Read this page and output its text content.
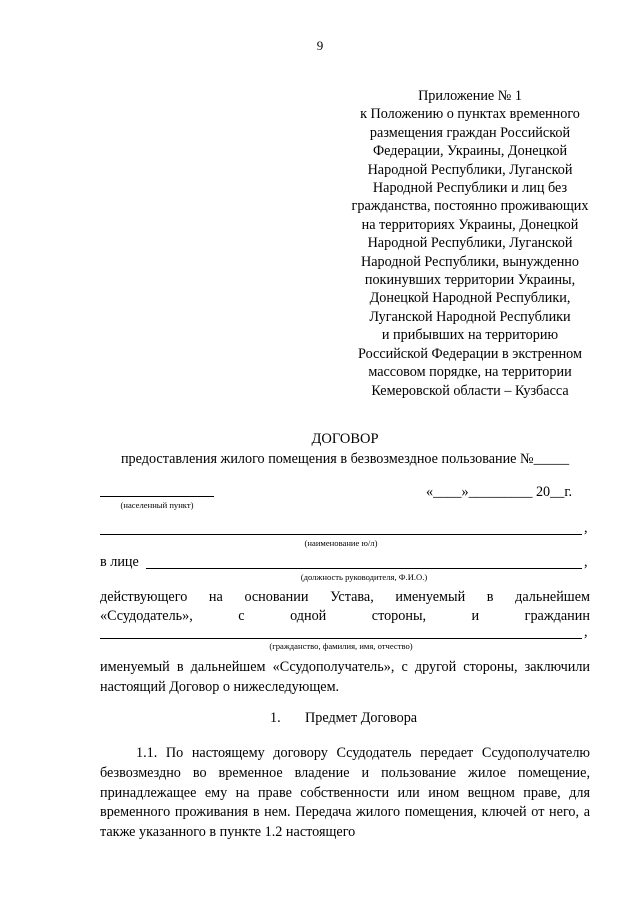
9
Приложение № 1
к Положению о пунктах временного
размещения граждан Российской
Федерации, Украины, Донецкой
Народной Республики, Луганской
Народной Республики и лиц без
гражданства, постоянно проживающих
на территориях Украины, Донецкой
Народной Республики, Луганской
Народной Республики, вынужденно
покинувших территории Украины,
Донецкой Народной Республики,
Луганской Народной Республики
и прибывших на территорию
Российской Федерации в экстренном
массовом порядке, на территории
Кемеровской области – Кузбасса
ДОГОВОР
предоставления жилого помещения в безвозмездное пользование №_____
«____»_________ 20__г.
(населенный пункт)
,
(наименование ю/л)
в лице	,
(должность руководителя, Ф.И.О.)
действующего на основании Устава, именуемый в дальнейшем
«Ссудодатель»,	с	одной	стороны,	и	гражданин
,
(гражданство, фамилия, имя, отчество)
именуемый в дальнейшем «Ссудополучатель», с другой стороны, заключили настоящий Договор о нижеследующем.
1. Предмет Договора
1.1. По настоящему договору Ссудодатель передает Ссудополучателю безвозмездно во временное владение и пользование жилое помещение, принадлежащее ему на праве собственности или ином вещном праве, для временного проживания в нем. Передача жилого помещения, ключей от него, а также указанного в пункте 1.2 настоящего
